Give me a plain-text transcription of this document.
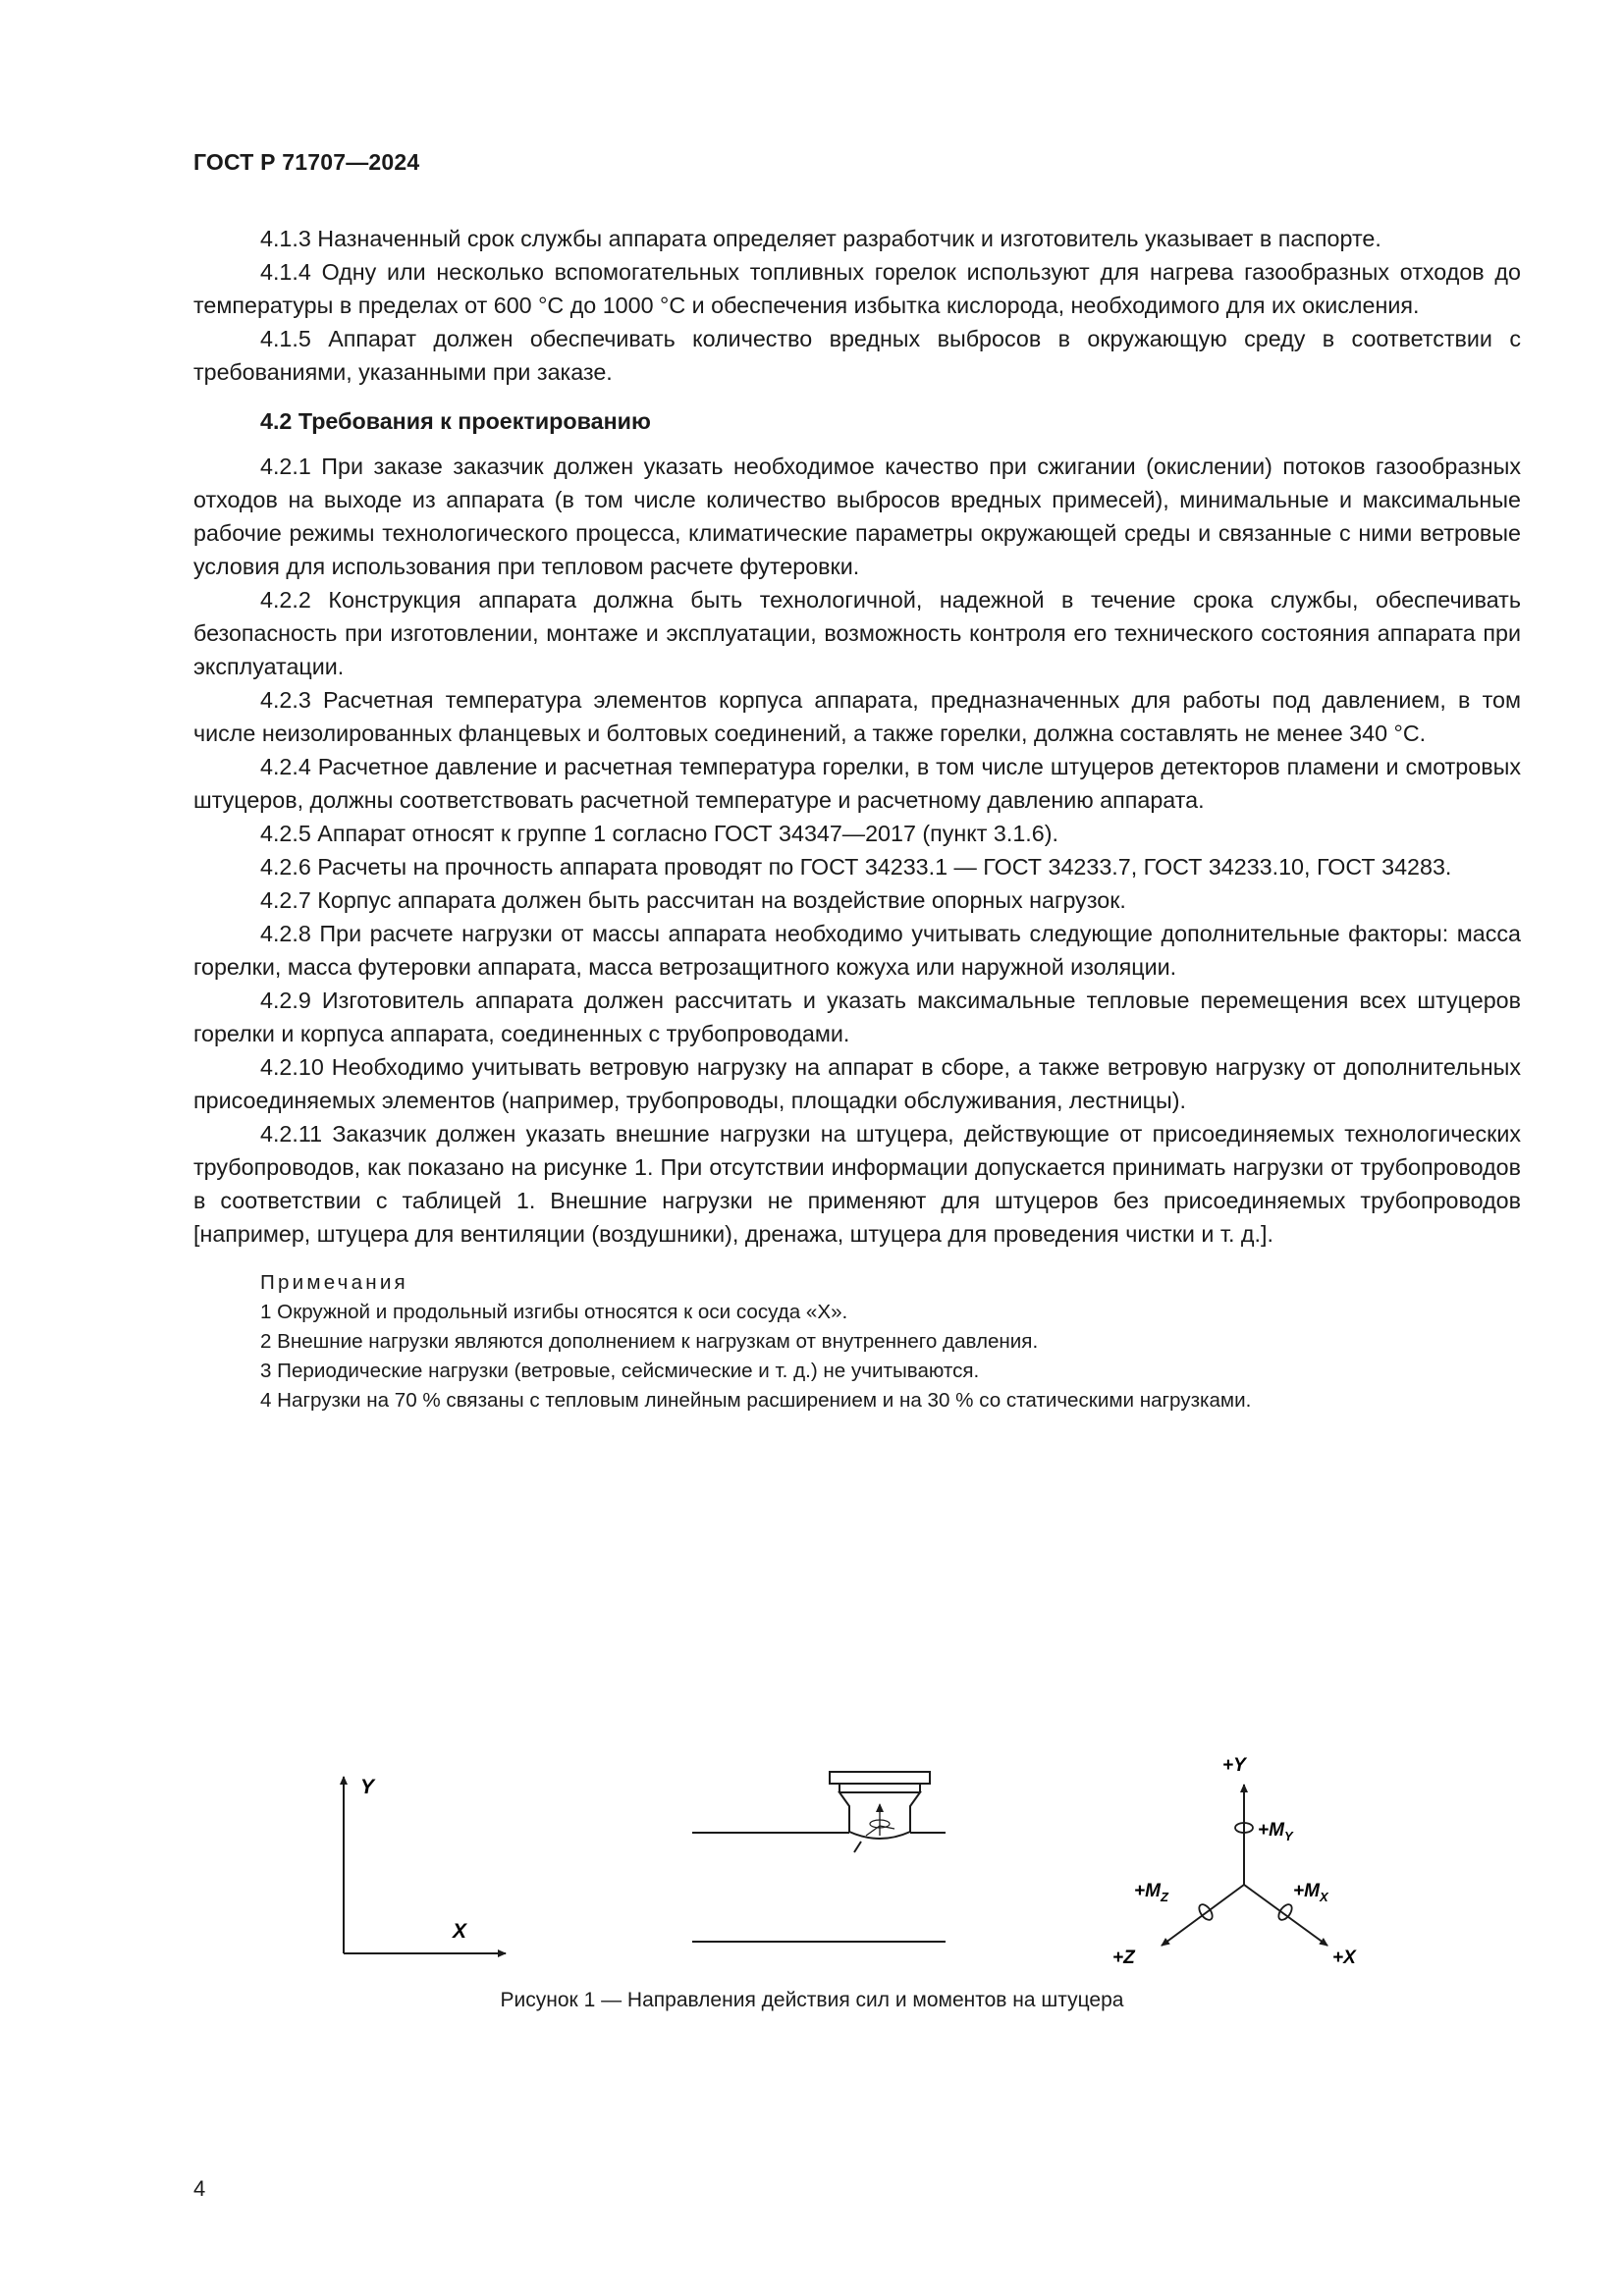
ГОСТ Р 71707—2024

4.1.3 Назначенный срок службы аппарата определяет разработчик и изготовитель указывает в паспорте.

4.1.4 Одну или несколько вспомогательных топливных горелок используют для нагрева газообразных отходов до температуры в пределах от 600 °С до 1000 °С и обеспечения избытка кислорода, необходимого для их окисления.

4.1.5 Аппарат должен обеспечивать количество вредных выбросов в окружающую среду в соответствии с требованиями, указанными при заказе.

4.2 Требования к проектированию

4.2.1 При заказе заказчик должен указать необходимое качество при сжигании (окислении) потоков газообразных отходов на выходе из аппарата (в том числе количество выбросов вредных примесей), минимальные и максимальные рабочие режимы технологического процесса, климатические параметры окружающей среды и связанные с ними ветровые условия для использования при тепловом расчете футеровки.

4.2.2 Конструкция аппарата должна быть технологичной, надежной в течение срока службы, обеспечивать безопасность при изготовлении, монтаже и эксплуатации, возможность контроля его технического состояния аппарата при эксплуатации.

4.2.3 Расчетная температура элементов корпуса аппарата, предназначенных для работы под давлением, в том числе неизолированных фланцевых и болтовых соединений, а также горелки, должна составлять не менее 340 °С.

4.2.4 Расчетное давление и расчетная температура горелки, в том числе штуцеров детекторов пламени и смотровых штуцеров, должны соответствовать расчетной температуре и расчетному давлению аппарата.

4.2.5 Аппарат относят к группе 1 согласно ГОСТ 34347—2017 (пункт 3.1.6).

4.2.6 Расчеты на прочность аппарата проводят по ГОСТ 34233.1 — ГОСТ 34233.7, ГОСТ 34233.10, ГОСТ 34283.

4.2.7 Корпус аппарата должен быть рассчитан на воздействие опорных нагрузок.

4.2.8 При расчете нагрузки от массы аппарата необходимо учитывать следующие дополнительные факторы: масса горелки, масса футеровки аппарата, масса ветрозащитного кожуха или наружной изоляции.

4.2.9 Изготовитель аппарата должен рассчитать и указать максимальные тепловые перемещения всех штуцеров горелки и корпуса аппарата, соединенных с трубопроводами.

4.2.10 Необходимо учитывать ветровую нагрузку на аппарат в сборе, а также ветровую нагрузку от дополнительных присоединяемых элементов (например, трубопроводы, площадки обслуживания, лестницы).

4.2.11 Заказчик должен указать внешние нагрузки на штуцера, действующие от присоединяемых технологических трубопроводов, как показано на рисунке 1. При отсутствии информации допускается принимать нагрузки от трубопроводов в соответствии с таблицей 1. Внешние нагрузки не применяют для штуцеров без присоединяемых трубопроводов [например, штуцера для вентиляции (воздушники), дренажа, штуцера для проведения чистки и т. д.].

Примечания
1 Окружной и продольный изгибы относятся к оси сосуда «X».
2 Внешние нагрузки являются дополнением к нагрузкам от внутреннего давления.
3 Периодические нагрузки (ветровые, сейсмические и т. д.) не учитываются.
4 Нагрузки на 70 % связаны с тепловым линейным расширением и на 30 % со статическими нагрузками.
Y
X
+Y
$+M_Y$
$+M_Z$	$+M_X$
+Z	+X
Рисунок 1 — Направления действия сил и моментов на штуцера
4
